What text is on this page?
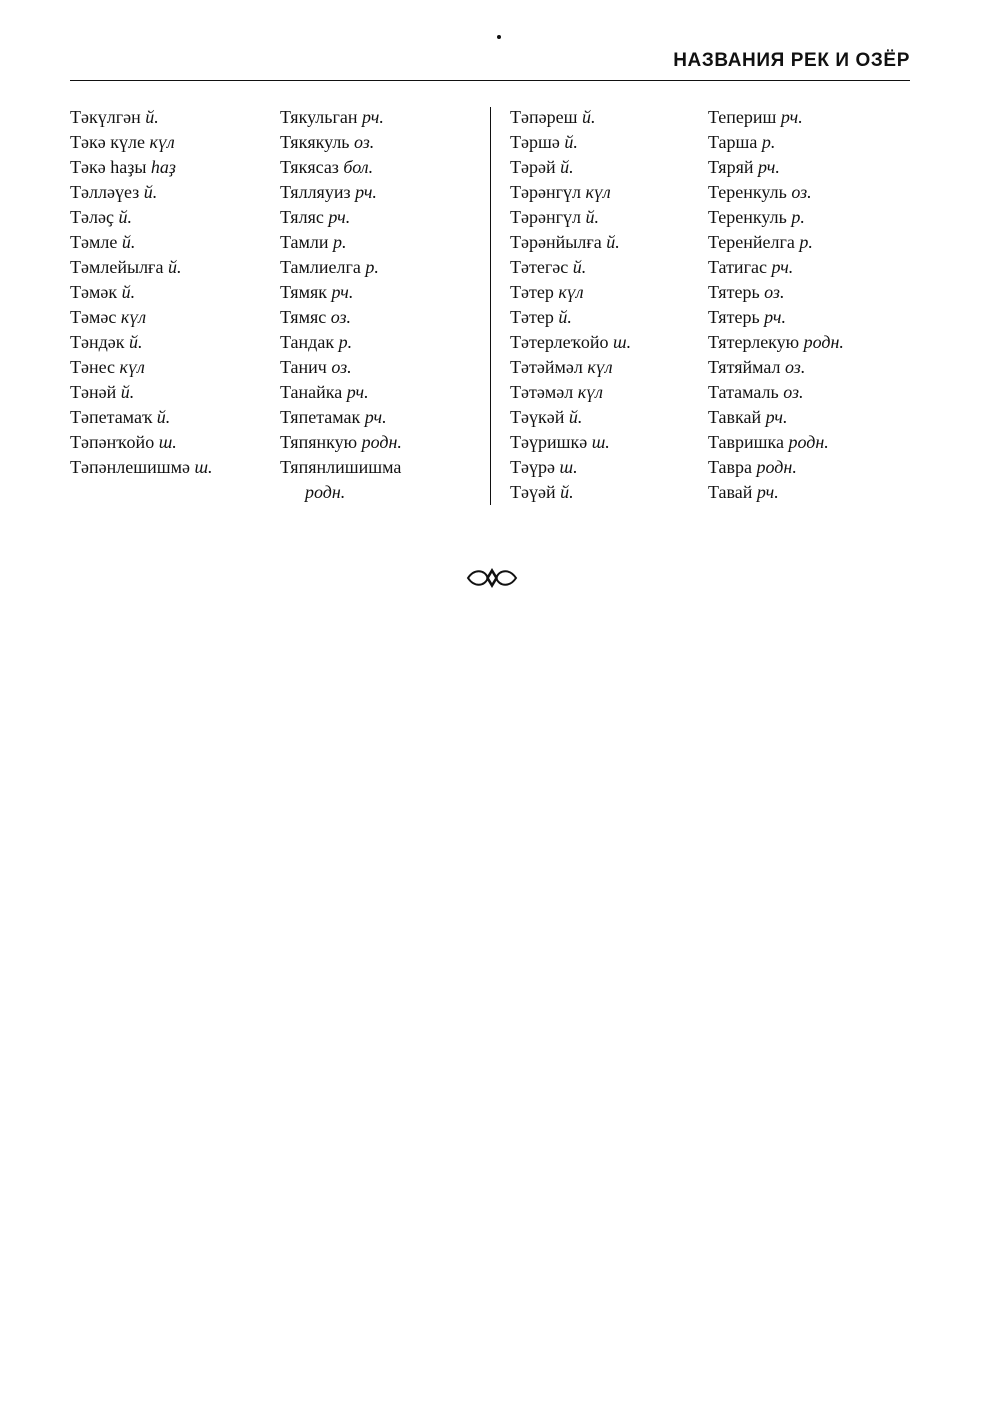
НАЗВАНИЯ РЕК И ОЗЁР
Тәкүлгән й.	Тякульган рч.
Тәкә күле күл	Тякякуль оз.
Тәкә һаҙы һаҙ	Тякясаз бол.
Тәлләүез й.	Тялляуиз рч.
Тәләҫ й.	Тяляс рч.
Тәмле й.	Тамли р.
Тәмлейылға й.	Тамлиелга р.
Тәмәк й.	Тямяк рч.
Тәмәс күл	Тямяс оз.
Тәндәк й.	Тандак р.
Тәнес күл	Танич оз.
Тәнәй й.	Танайка рч.
Тәпетамаҡ й.	Тяпетамак рч.
Тәпәнҡойо ш.	Тяпянкую родн.
Тәпәнлешишмә ш.	Тяпянлишишма
родн.
Тәпәреш й.	Тепериш рч.
Тәршә й.	Тарша р.
Тәрәй й.	Тяряй рч.
Тәрәнгүл күл	Теренкуль оз.
Тәрәнгүл й.	Теренкуль р.
Тәрәнйылға й.	Теренйелга р.
Тәтегәс й.	Татигас рч.
Тәтер күл	Тятерь оз.
Тәтер й.	Тятерь рч.
Тәтерлеҡойо ш.	Тятерлекую родн.
Тәтәймәл күл	Тятяймал оз.
Тәтәмәл күл	Татамаль оз.
Тәүкәй й.	Тавкай рч.
Тәүришкә ш.	Тавришка родн.
Тәүрә ш.	Тавра родн.
Тәүәй й.	Тавай рч.
